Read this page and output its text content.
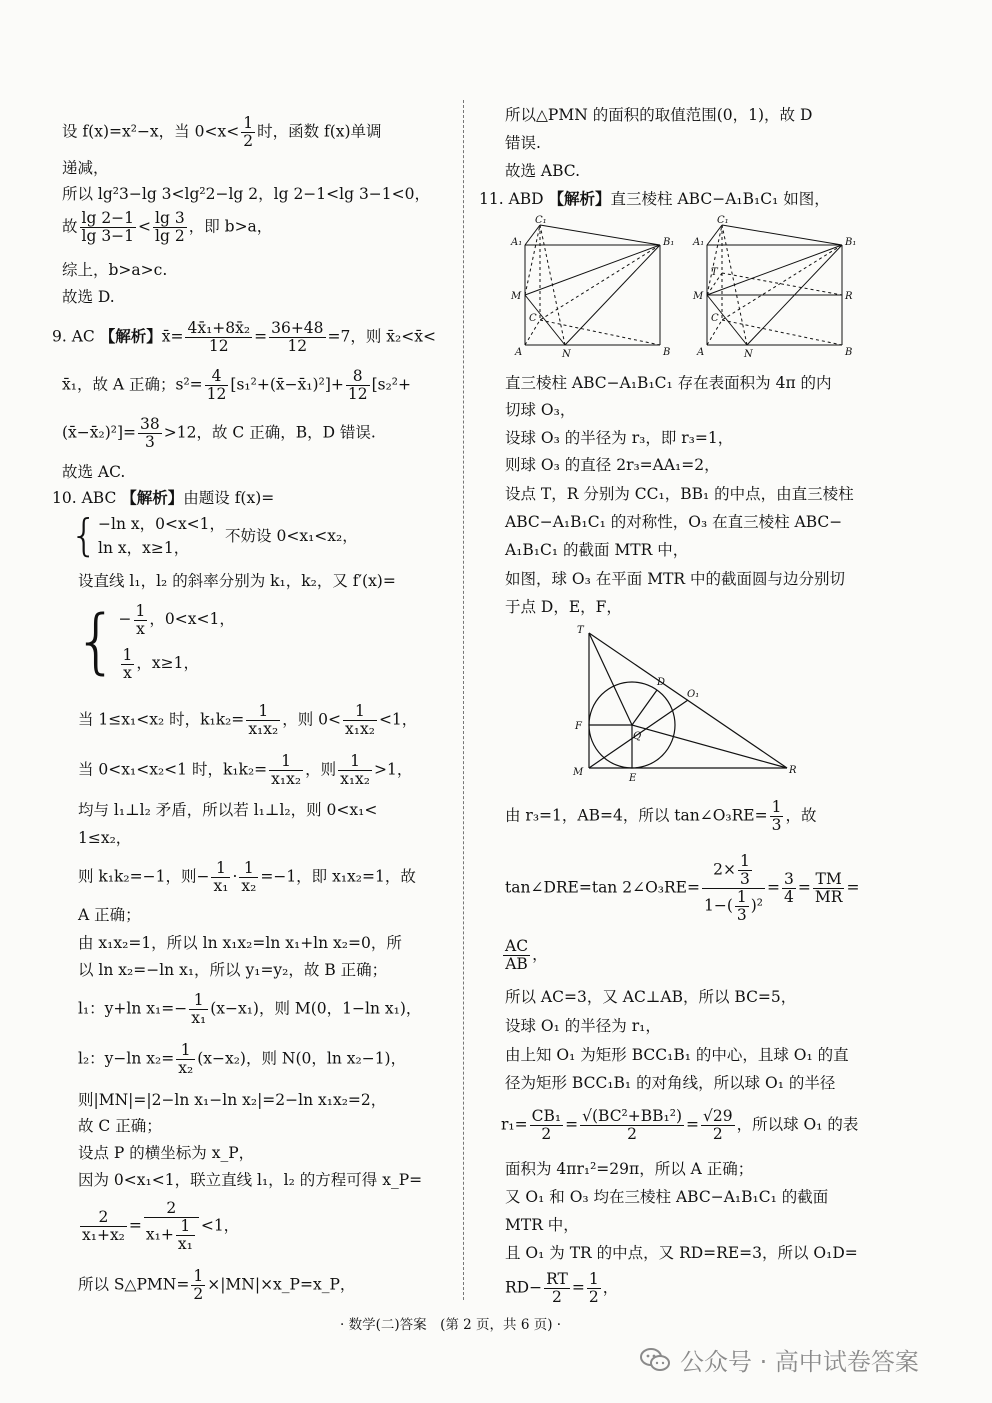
设 f(x)=x²−x，当 $0<x< \frac{1}{2}$ 时，函数 f(x)单调
递减，
所以 lg²3−lg 3<lg²2−lg 2，lg 2−1<lg 3−1<0，
故 $\frac{\lg 2-1}{\lg 3-1} < \frac{\lg 3}{\lg 2}$ ，即 b>a，
综上，b>a>c.
故选 D.
9. AC 【解析】x̄= $\frac{\text{4x̄₁+8x̄₂}}{12} = \frac{36+48}{12} =7$，则 x̄₂<x̄<
x̄₁，故 A 正确；$s^2= \frac{4}{12}$ [s₁²+(x̄−x̄₁)²]+ $\frac{8}{12} [s_2^2+$
(x̄−x̄₂)²]= $\frac{38}{3} >12$，故 C 正确，B，D 错误.
故选 AC.
10. ABC 【解析】由题设 f(x)=
{ −ln x，0<x<1，
ln x，x≥1，
不妨设 0<x₁<x₂，
设直线 l₁，l₂ 的斜率分别为 k₁，k₂，又 f′(x)=
{ − $\frac{1}{x}$ ，0<x<1，
$\frac{1}{x}$ ，x≥1，
当 1≤x₁<x₂ 时，$k_1k_2= \frac{1}{\text{x₁x₂}}$ ，则 $0< \frac{1}{\text{x₁x₂}} <1$，
当 0<x₁<x₂<1 时，$k_1k_2= \frac{1}{\text{x₁x₂}}$ ，则 $\frac{1}{\text{x₁x₂}} >1$，
均与 l₁⊥l₂ 矛盾，所以若 l₁⊥l₂，则 0<x₁<
1≤x₂，
则 k₁k₂=−1，则− $\frac{1}{\text{x₁}} \cdot \frac{1}{\text{x₂}} =-1$，即 x₁x₂=1，故
A 正确；
由 x₁x₂=1，所以 ln x₁x₂=ln x₁+ln x₂=0，所
以 ln x₂=−ln x₁，所以 y₁=y₂，故 B 正确；
l₁：y+ln $x_1=- \frac{1}{\text{x₁}} (x-x_1)$，则 M(0，1−ln x₁)，
l₂：y−ln $x_2= \frac{1}{\text{x₂}} (x-x_2)$，则 N(0，ln x₂−1)，
则|MN|=|2−ln x₁−ln x₂|=2−ln x₁x₂=2，
故 C 正确；
设点 P 的横坐标为 x_P，
因为 0<x₁<1，联立直线 l₁，l₂ 的方程可得 x_P=
$\frac{2}{\text{x₁+x₂}} = \frac{2}{x_1+ \frac{1}{\text{x₁}}} <1$，
所以 S△PMN= $\frac{1}{2}$ ×|MN|×x_P=x_P，
所以△PMN 的面积的取值范围(0，1)，故 D
错误.
故选 ABC.
11. ABD 【解析】直三棱柱 ABC−A₁B₁C₁ 如图，
C₁
A₁	B₁
M
C
A	N	B
C₁
A₁
T
B₁
M	R
C
A	N	B
直三棱柱 ABC−A₁B₁C₁ 存在表面积为 4π 的内
切球 O₃，
设球 O₃ 的半径为 r₃，即 r₃=1，
则球 O₃ 的直径 2r₃=AA₁=2，
设点 T，R 分别为 CC₁，BB₁ 的中点，由直三棱柱
ABC−A₁B₁C₁ 的对称性，O₃ 在直三棱柱 ABC−
A₁B₁C₁ 的截面 MTR 中，
如图，球 O₃ 在平面 MTR 中的截面圆与边分别切
于点 D，E，F，
T
D
O₁
F
Q
M
E
R
由 r₃=1，AB=4，所以 tan∠O₃RE= $\frac{1}{3}$ ，故
tan∠DRE=tan 2∠O₃RE= $\frac{2\times \frac{1}{3}}{1-( \frac{1}{3} )^2} = \frac{3}{4} = \frac{TM}{MR}$ =
$\frac{AC}{AB}$ ，
所以 AC=3，又 AC⊥AB，所以 BC=5，
设球 O₁ 的半径为 r₁，
由上知 O₁ 为矩形 BCC₁B₁ 的中心，且球 O₁ 的直
径为矩形 BCC₁B₁ 的对角线，所以球 O₁ 的半径
$r_1= \frac{\text{CB₁}}{2} = \frac{\text{√(BC²+BB₁²)}}{2} = \frac{√29}{2}$ ，所以球 O₁ 的表
面积为 4πr₁²=29π，所以 A 正确；
又 O₁ 和 O₃ 均在三棱柱 ABC−A₁B₁C₁ 的截面
MTR 中，
且 O₁ 为 TR 的中点，又 RD=RE=3，所以 O₁D=
$RD- \frac{RT}{2} = \frac{1}{2}$ ，
· 数学(二)答案　(第 2 页，共 6 页) ·
公众号 · 高中试卷答案
